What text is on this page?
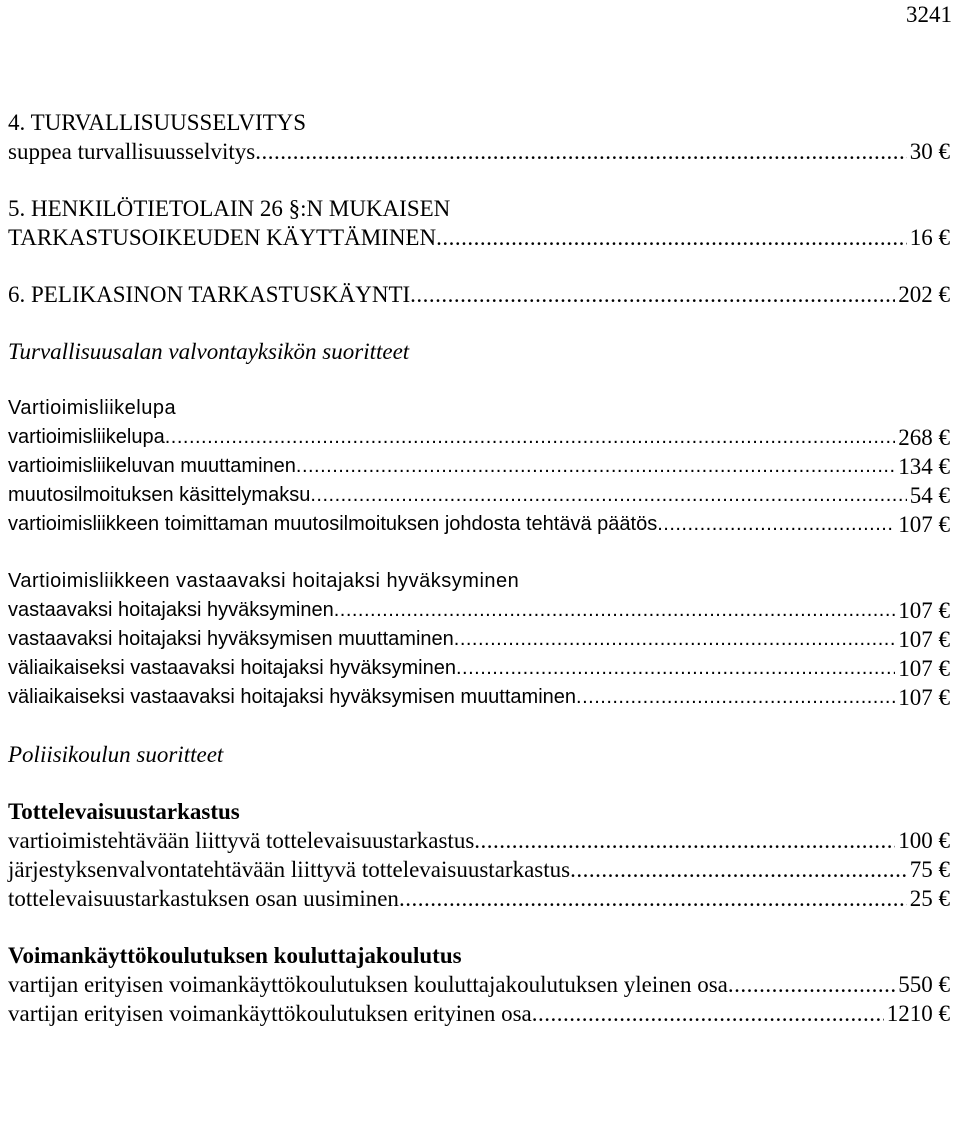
3241
4. TURVALLISUUSSELVITYS
suppea turvallisuusselvitys .....	30 €
5. HENKILÖTIETOLAIN 26 §:N MUKAISEN
TARKASTUSOIKEUDEN KÄYTTÄMINEN .....	16 €
6. PELIKASINON TARKASTUSKÄYNTI .....	202 €
Turvallisuusalan valvontayksikön suoritteet
Vartioimisliikelupa
vartioimisliikelupa .....	268 €
vartioimisliikeluvan muuttaminen .....	134 €
muutosilmoituksen käsittelymaksu .....	54 €
vartioimisliikkeen toimittaman muutosilmoituksen johdosta tehtävä päätös .....	107 €
Vartioimisliikkeen vastaavaksi hoitajaksi hyväksyminen
vastaavaksi hoitajaksi hyväksyminen .....	107 €
vastaavaksi hoitajaksi hyväksymisen muuttaminen .....	107 €
väliaikaiseksi vastaavaksi hoitajaksi hyväksyminen .....	107 €
väliaikaiseksi vastaavaksi hoitajaksi hyväksymisen muuttaminen .....	107 €
Poliisikoulun suoritteet
Tottelevaisuustarkastus
vartioimistehtävään liittyvä tottelevaisuustarkastus .....	100 €
järjestyksenvalvontatehtävään liittyvä tottelevaisuustarkastus .....	75 €
tottelevaisuustarkastuksen osan uusiminen .....	25 €
Voimankäyttökoulutuksen kouluttajakoulutus
vartijan erityisen voimankäyttökoulutuksen kouluttajakoulutuksen yleinen osa .....	550 €
vartijan erityisen voimankäyttökoulutuksen erityinen osa .....	1210 €
